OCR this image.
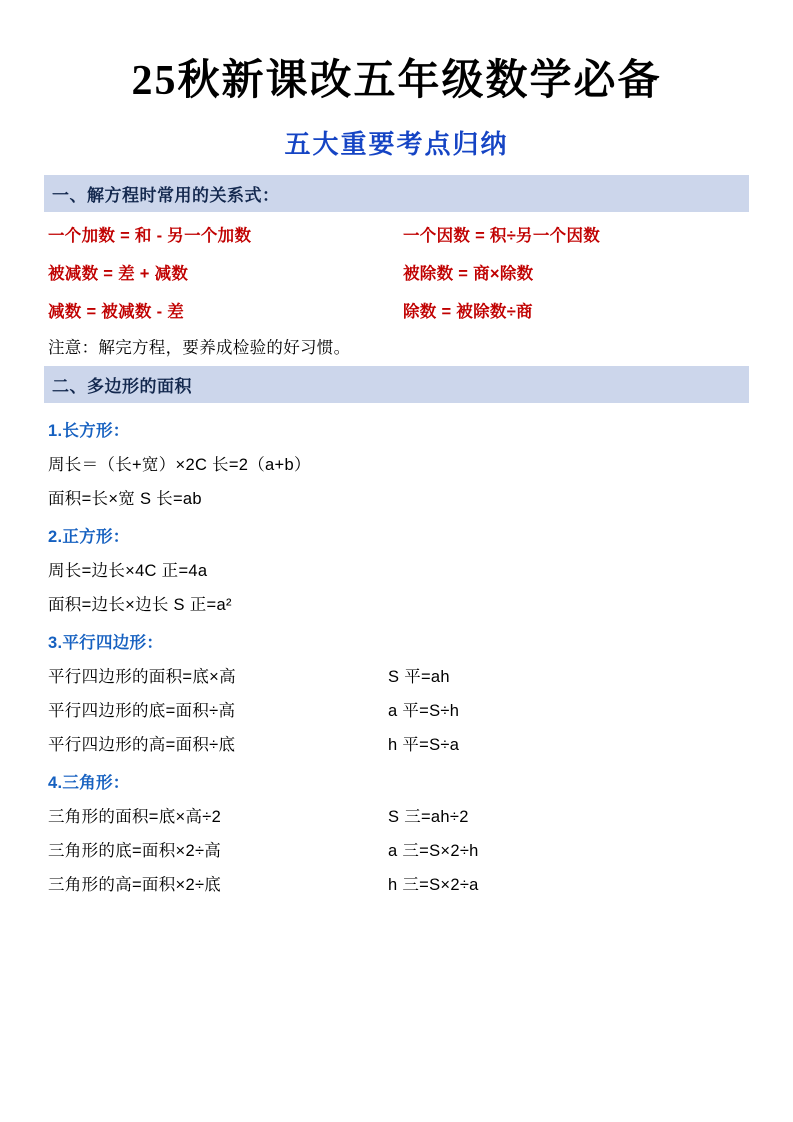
25秋新课改五年级数学必备
五大重要考点归纳
一、解方程时常用的关系式：
一个加数 = 和 - 另一个加数	一个因数 = 积÷另一个因数
被减数 = 差 + 减数	被除数 = 商×除数
减数 = 被减数 - 差	除数 = 被除数÷商
注意：解完方程，要养成检验的好习惯。
二、多边形的面积
1.长方形：
周长＝（长+宽）×2C 长=2（a+b）
面积=长×宽 S 长=ab
2.正方形：
周长=边长×4C 正=4a
面积=边长×边长 S 正=a²
3.平行四边形：
平行四边形的面积=底×高	S 平=ah
平行四边形的底=面积÷高	a 平=S÷h
平行四边形的高=面积÷底	h 平=S÷a
4.三角形：
三角形的面积=底×高÷2	S 三=ah÷2
三角形的底=面积×2÷高	a 三=S×2÷h
三角形的高=面积×2÷底	h 三=S×2÷a
